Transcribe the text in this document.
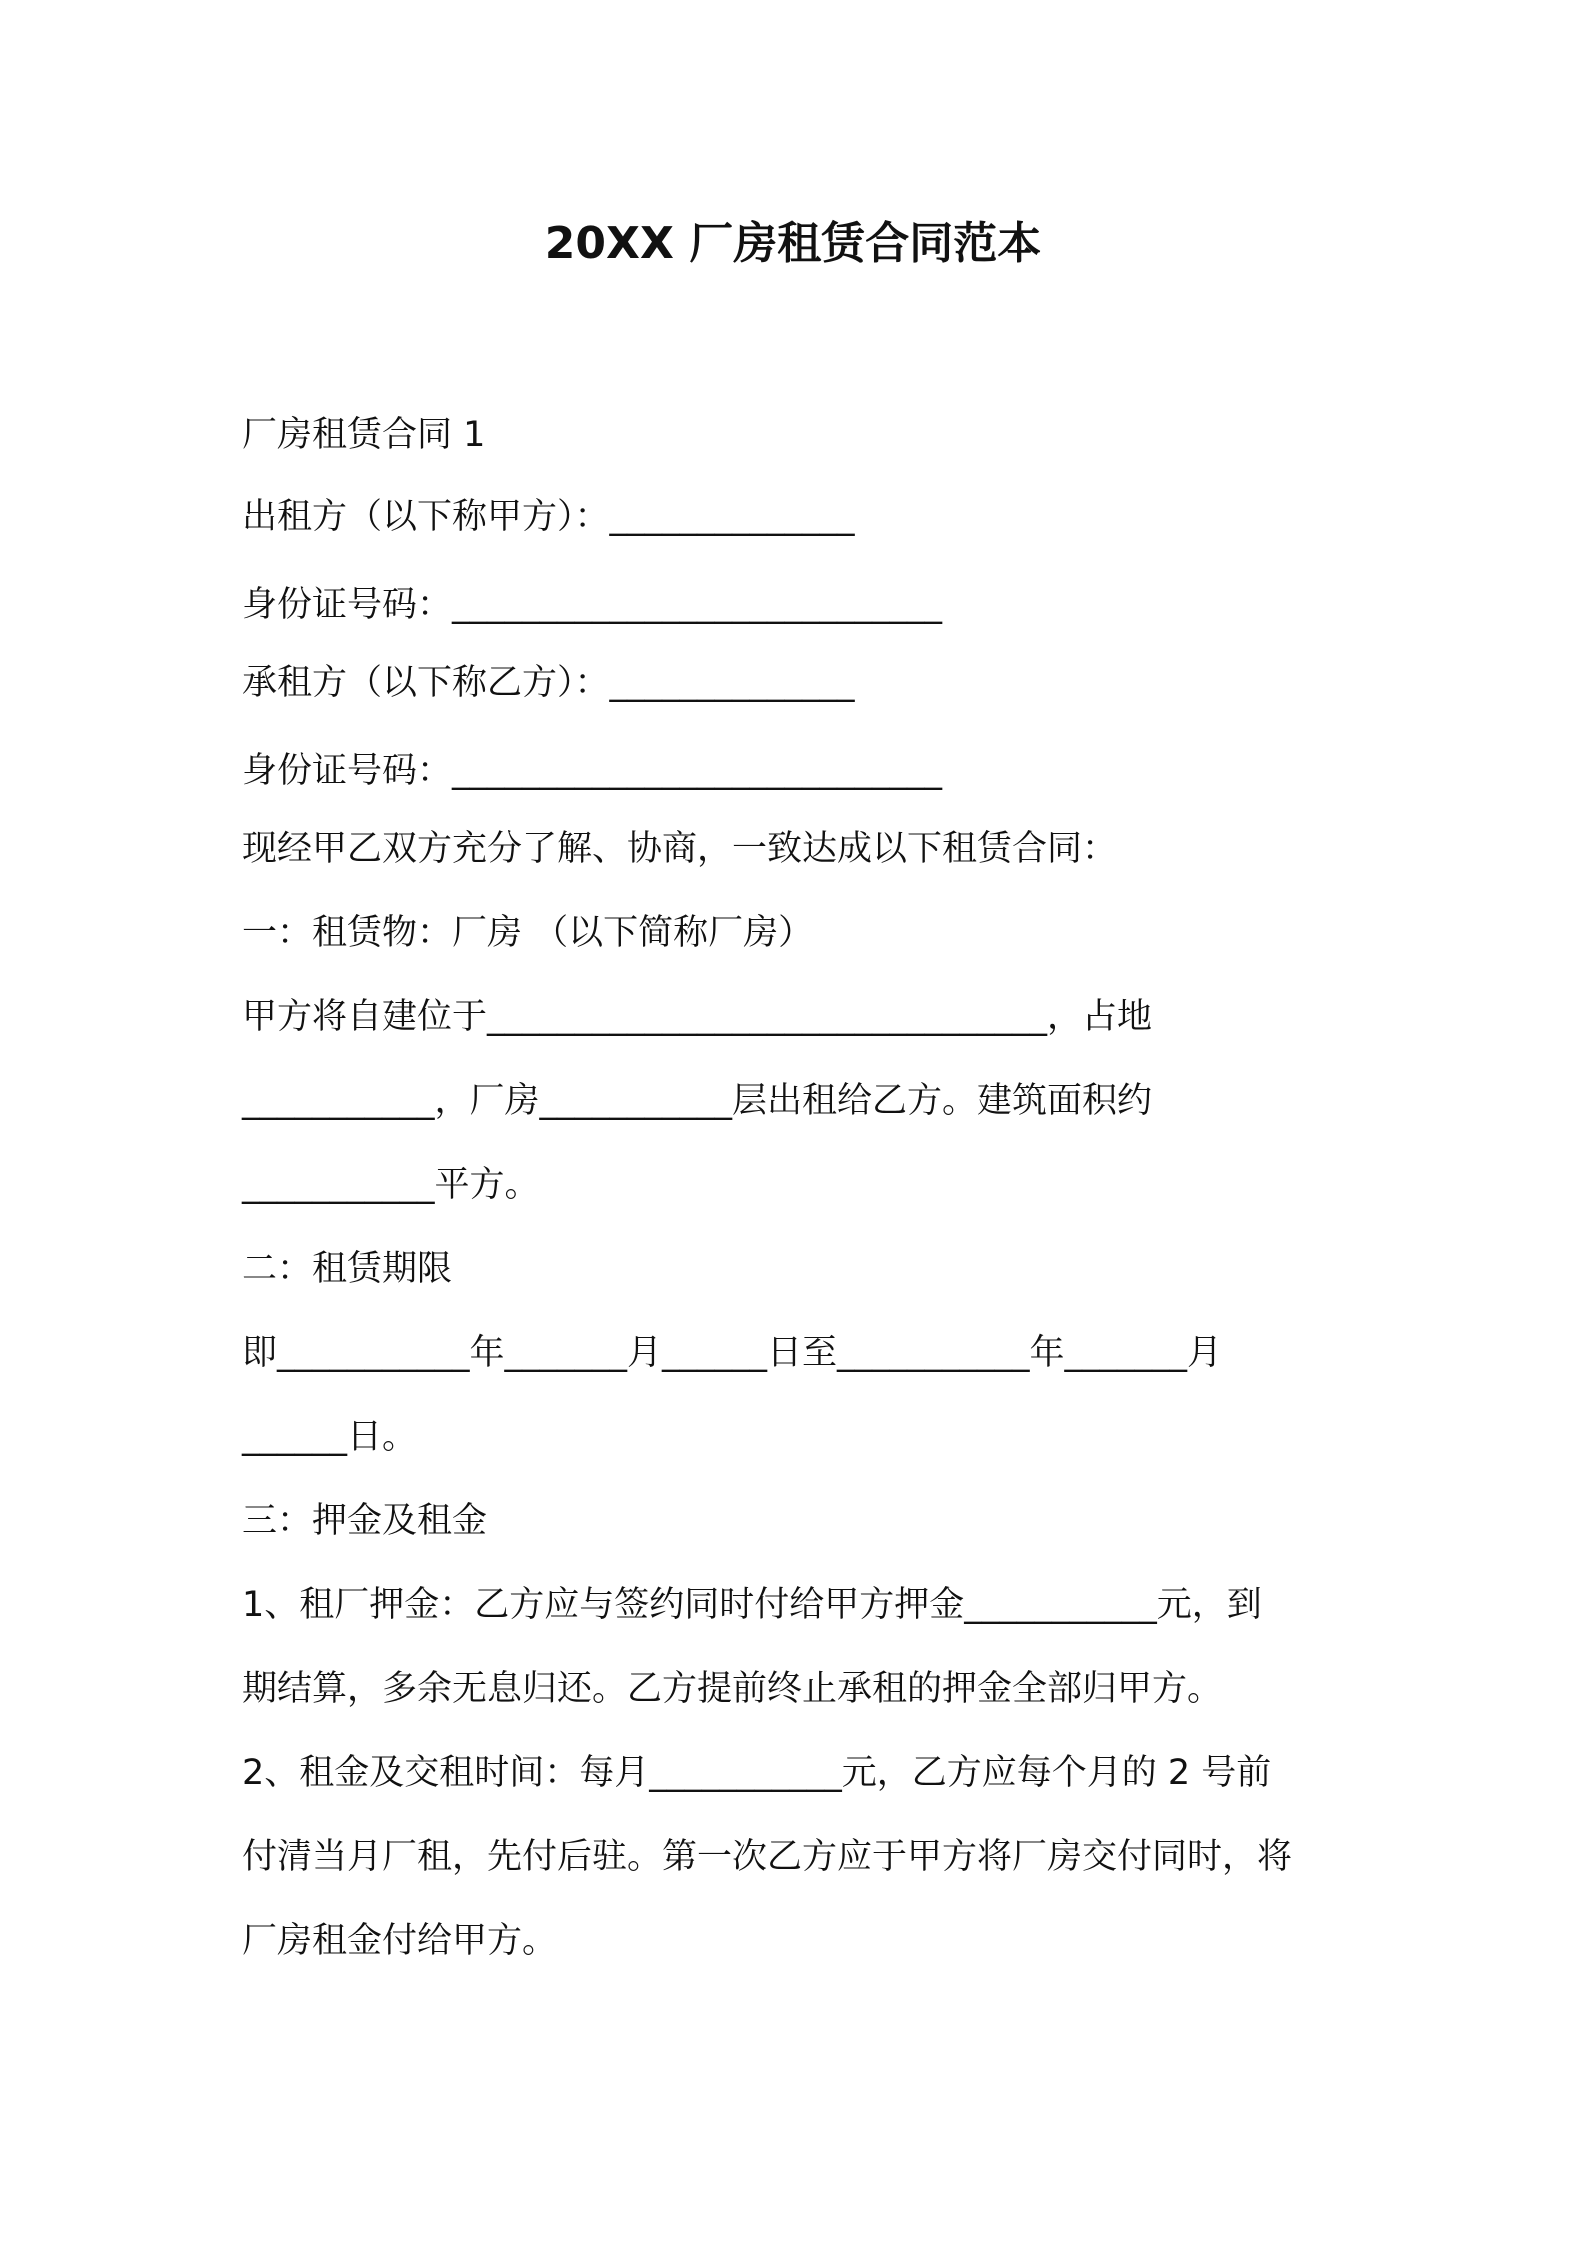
20XX 厂房租赁合同范本

厂房租赁合同 1

出租方（以下称甲方）：______________

身份证号码：____________________________

承租方（以下称乙方）：______________

身份证号码：____________________________

现经甲乙双方充分了解、协商，一致达成以下租赁合同：

一：租赁物：厂房 （以下简称厂房）

甲方将自建位于________________________________，占地

___________，厂房___________层出租给乙方。建筑面积约

___________平方。

二：租赁期限

即___________年_______月______日至___________年_______月

______日。

三：押金及租金

1、租厂押金：乙方应与签约同时付给甲方押金___________元，到

期结算，多余无息归还。乙方提前终止承租的押金全部归甲方。

2、租金及交租时间：每月___________元，乙方应每个月的 2 号前

付清当月厂租，先付后驻。第一次乙方应于甲方将厂房交付同时，将

厂房租金付给甲方。
